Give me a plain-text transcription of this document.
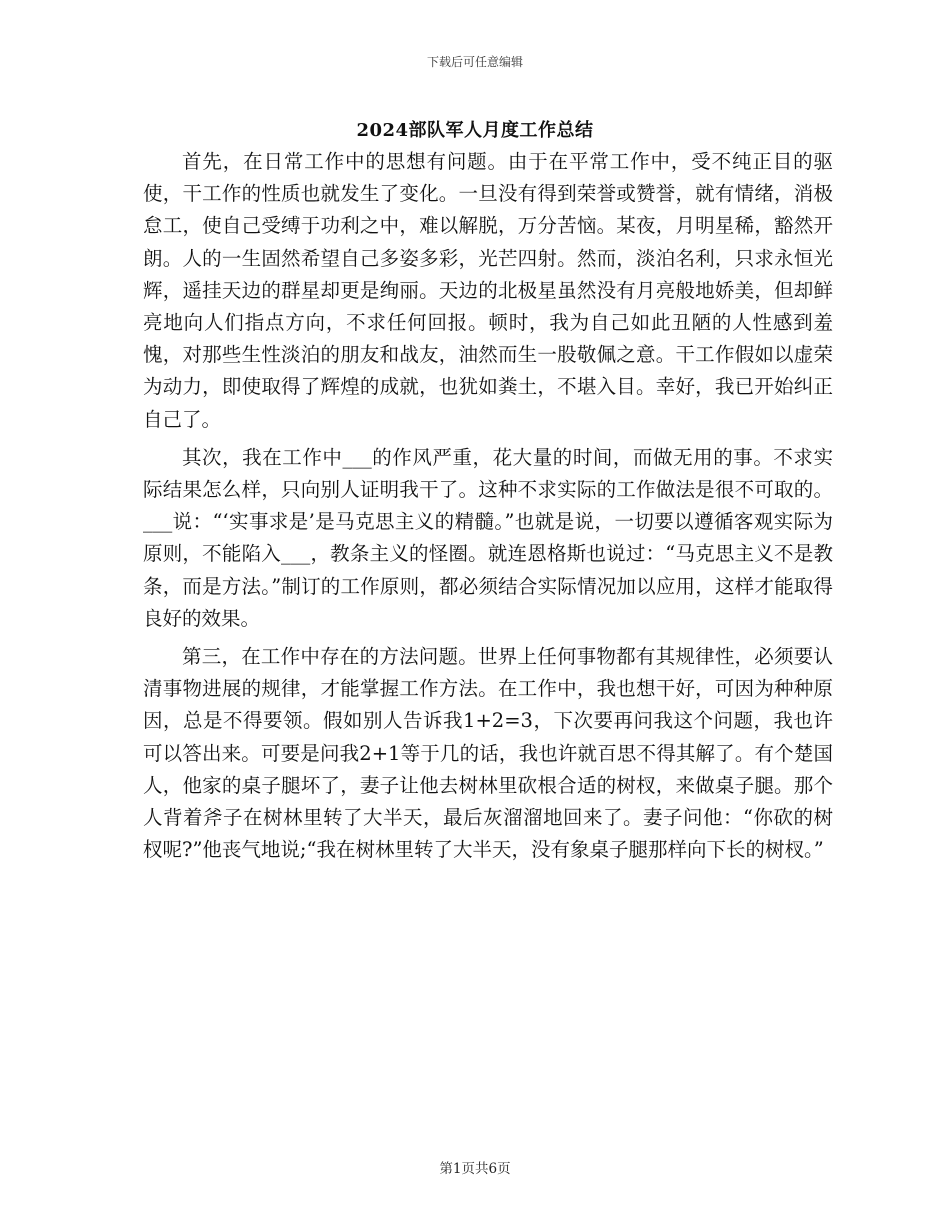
下载后可任意编辑
2024部队军人月度工作总结

首先，在日常工作中的思想有问题。由于在平常工作中，受不纯正目的驱使，干工作的性质也就发生了变化。一旦没有得到荣誉或赞誉，就有情绪，消极怠工，使自己受缚于功利之中，难以解脱，万分苦恼。某夜，月明星稀，豁然开朗。人的一生固然希望自己多姿多彩，光芒四射。然而，淡泊名利，只求永恒光辉，遥挂天边的群星却更是绚丽。天边的北极星虽然没有月亮般地娇美，但却鲜亮地向人们指点方向，不求任何回报。顿时，我为自己如此丑陋的人性感到羞愧，对那些生性淡泊的朋友和战友，油然而生一股敬佩之意。干工作假如以虚荣为动力，即使取得了辉煌的成就，也犹如粪土，不堪入目。幸好，我已开始纠正自己了。

其次，我在工作中___的作风严重，花大量的时间，而做无用的事。不求实际结果怎么样，只向别人证明我干了。这种不求实际的工作做法是很不可取的。___说：“‘实事求是’是马克思主义的精髓。”也就是说，一切要以遵循客观实际为原则，不能陷入___，教条主义的怪圈。就连恩格斯也说过：“马克思主义不是教条，而是方法。”制订的工作原则，都必须结合实际情况加以应用，这样才能取得良好的效果。

第三，在工作中存在的方法问题。世界上任何事物都有其规律性，必须要认清事物进展的规律，才能掌握工作方法。在工作中，我也想干好，可因为种种原因，总是不得要领。假如别人告诉我1+2=3，下次要再问我这个问题，我也许可以答出来。可要是问我2+1等于几的话，我也许就百思不得其解了。有个楚国人，他家的桌子腿坏了，妻子让他去树林里砍根合适的树杈，来做桌子腿。那个人背着斧子在树林里转了大半天，最后灰溜溜地回来了。妻子问他：“你砍的树杈呢?”他丧气地说;“我在树林里转了大半天，没有象桌子腿那样向下长的树杈。”

第1页共6页
